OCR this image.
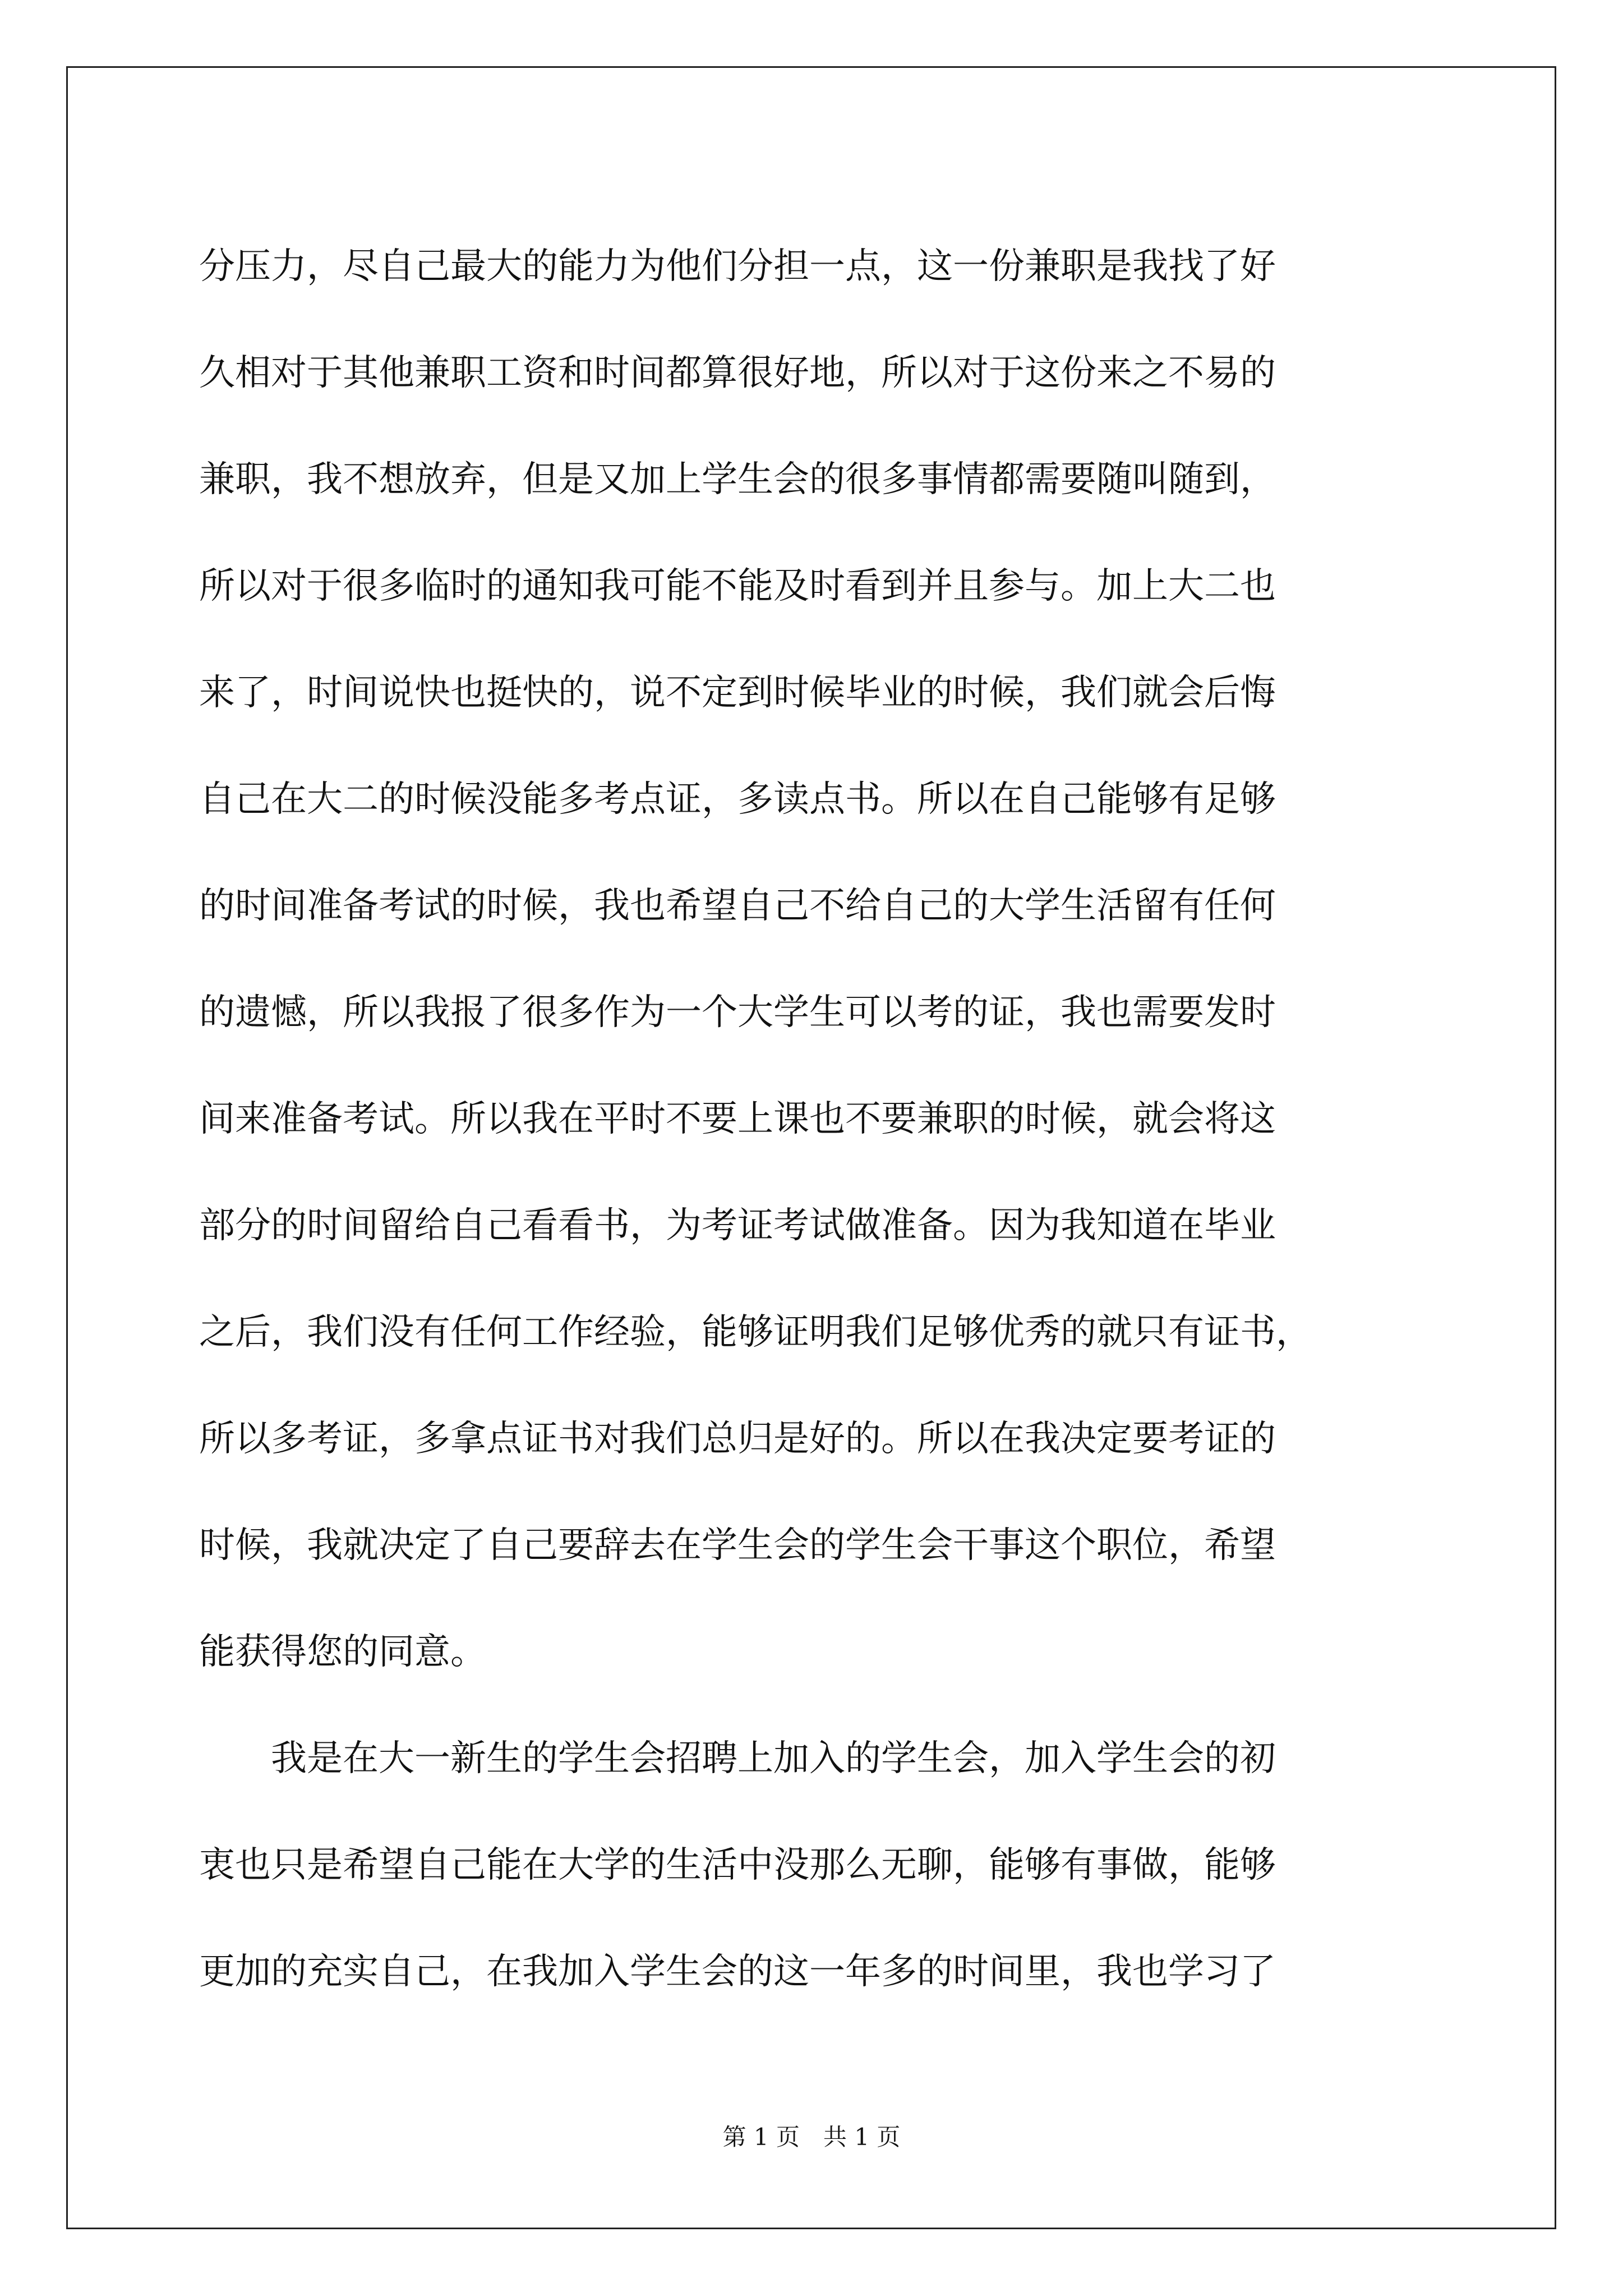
分压力，尽自己最大的能力为他们分担一点，这一份兼职是我找了好
久相对于其他兼职工资和时间都算很好地，所以对于这份来之不易的
兼职，我不想放弃，但是又加上学生会的很多事情都需要随叫随到，
所以对于很多临时的通知我可能不能及时看到并且参与。加上大二也
来了，时间说快也挺快的，说不定到时候毕业的时候，我们就会后悔
自己在大二的时候没能多考点证，多读点书。所以在自己能够有足够
的时间准备考试的时候，我也希望自己不给自己的大学生活留有任何
的遗憾，所以我报了很多作为一个大学生可以考的证，我也需要发时
间来准备考试。所以我在平时不要上课也不要兼职的时候，就会将这
部分的时间留给自己看看书，为考证考试做准备。因为我知道在毕业
之后，我们没有任何工作经验，能够证明我们足够优秀的就只有证书，
所以多考证，多拿点证书对我们总归是好的。所以在我决定要考证的
时候，我就决定了自己要辞去在学生会的学生会干事这个职位，希望
能获得您的同意。
　　我是在大一新生的学生会招聘上加入的学生会，加入学生会的初
衷也只是希望自己能在大学的生活中没那么无聊，能够有事做，能够
更加的充实自己，在我加入学生会的这一年多的时间里，我也学习了
第 1 页　共 1 页
